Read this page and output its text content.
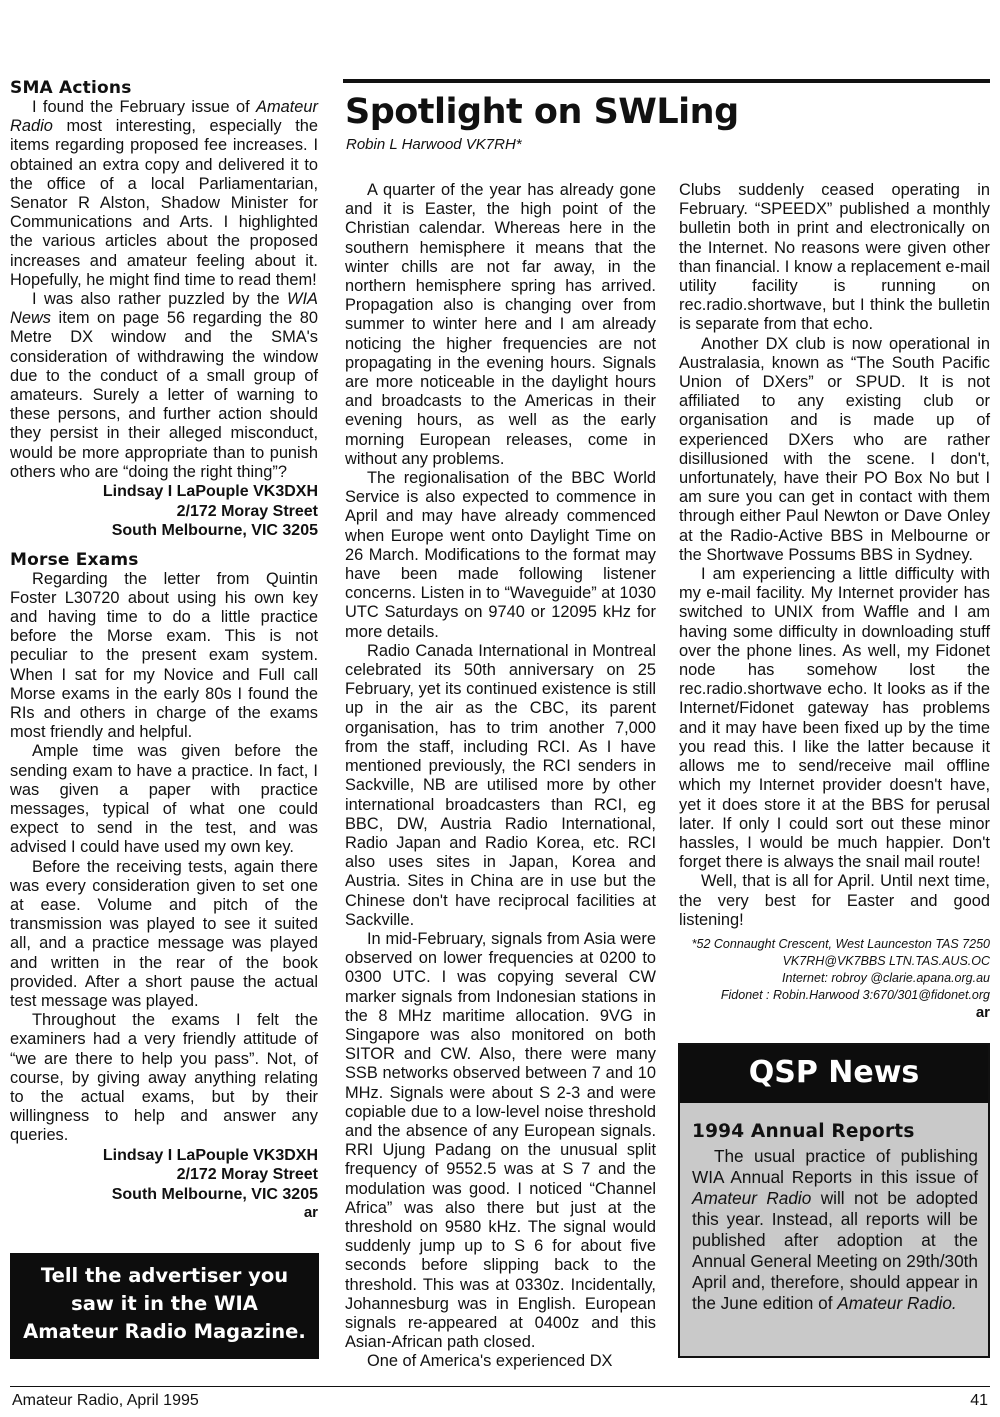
SMA Actions

I found the February issue of Amateur Radio most interesting, especially the items regarding proposed fee increases. I obtained an extra copy and delivered it to the office of a local Parliamentarian, Senator R Alston, Shadow Minister for Communications and Arts. I highlighted the various articles about the proposed increases and amateur feeling about it. Hopefully, he might find time to read them!

I was also rather puzzled by the WIA News item on page 56 regarding the 80 Metre DX window and the SMA's consideration of withdrawing the window due to the conduct of a small group of amateurs. Surely a letter of warning to these persons, and further action should they persist in their alleged misconduct, would be more appropriate than to punish others who are “doing the right thing”?

Lindsay I LaPouple VK3DXH
2/172 Moray Street
South Melbourne, VIC 3205
Morse Exams

Regarding the letter from Quintin Foster L30720 about using his own key and having time to do a little practice before the Morse exam. This is not peculiar to the present exam system. When I sat for my Novice and Full call Morse exams in the early 80s I found the RIs and others in charge of the exams most friendly and helpful.

Ample time was given before the sending exam to have a practice. In fact, I was given a paper with practice messages, typical of what one could expect to send in the test, and was advised I could have used my own key.

Before the receiving tests, again there was every consideration given to set one at ease. Volume and pitch of the transmission was played to see it suited all, and a practice message was played and written in the rear of the book provided. After a short pause the actual test message was played.

Throughout the exams I felt the examiners had a very friendly attitude of “we are there to help you pass”. Not, of course, by giving away anything relating to the actual exams, but by their willingness to help and answer any queries.

Lindsay I LaPouple VK3DXH
2/172 Moray Street
South Melbourne, VIC 3205
ar
Tell the advertiser you
saw it in the WIA
Amateur Radio Magazine.
Spotlight on SWLing
Robin L Harwood VK7RH*

A quarter of the year has already gone and it is Easter, the high point of the Christian calendar. Whereas here in the southern hemisphere it means that the winter chills are not far away, in the northern hemisphere spring has arrived. Propagation also is changing over from summer to winter here and I am already noticing the higher frequencies are not propagating in the evening hours. Signals are more noticeable in the daylight hours and broadcasts to the Americas in their evening hours, as well as the early morning European releases, come in without any problems.

The regionalisation of the BBC World Service is also expected to commence in April and may have already commenced when Europe went onto Daylight Time on 26 March. Modifications to the format may have been made following listener concerns. Listen in to “Waveguide” at 1030 UTC Saturdays on 9740 or 12095 kHz for more details.

Radio Canada International in Montreal celebrated its 50th anniversary on 25 February, yet its continued existence is still up in the air as the CBC, its parent organisation, has to trim another 7,000 from the staff, including RCI. As I have mentioned previously, the RCI senders in Sackville, NB are utilised more by other international broadcasters than RCI, eg BBC, DW, Austria Radio International, Radio Japan and Radio Korea, etc. RCI also uses sites in Japan, Korea and Austria. Sites in China are in use but the Chinese don't have reciprocal facilities at Sackville.

In mid-February, signals from Asia were observed on lower frequencies at 0200 to 0300 UTC. I was copying several CW marker signals from Indonesian stations in the 8 MHz maritime allocation. 9VG in Singapore was also monitored on both SITOR and CW. Also, there were many SSB networks observed between 7 and 10 MHz. Signals were about S 2-3 and were copiable due to a low-level noise threshold and the absence of any European signals. RRI Ujung Padang on the unusual split frequency of 9552.5 was at S 7 and the modulation was good. I noticed “Channel Africa” was also there but just at the threshold on 9580 kHz. The signal would suddenly jump up to S 6 for about five seconds before slipping back to the threshold. This was at 0330z. Incidentally, Johannesburg was in English. European signals re-appeared at 0400z and this Asian-African path closed.

One of America's experienced DX

Clubs suddenly ceased operating in February. “SPEEDX” published a monthly bulletin both in print and electronically on the Internet. No reasons were given other than financial. I know a replacement e-mail utility facility is running on rec.radio.shortwave, but I think the bulletin is separate from that echo.

Another DX club is now operational in Australasia, known as “The South Pacific Union of DXers” or SPUD. It is not affiliated to any existing club or organisation and is made up of experienced DXers who are rather disillusioned with the scene. I don't, unfortunately, have their PO Box No but I am sure you can get in contact with them through either Paul Newton or Dave Onley at the Radio-Active BBS in Melbourne or the Shortwave Possums BBS in Sydney.

I am experiencing a little difficulty with my e-mail facility. My Internet provider has switched to UNIX from Waffle and I am having some difficulty in downloading stuff over the phone lines. As well, my Fidonet node has somehow lost the rec.radio.shortwave echo. It looks as if the Internet/Fidonet gateway has problems and it may have been fixed up by the time you read this. I like the latter because it allows me to send/receive mail offline which my Internet provider doesn't have, yet it does store it at the BBS for perusal later. If only I could sort out these minor hassles, I would be much happier. Don't forget there is always the snail mail route!

Well, that is all for April. Until next time, the very best for Easter and good listening!

*52 Connaught Crescent, West Launceston TAS 7250
VK7RH@VK7BBS LTN.TAS.AUS.OC
Internet: robroy @clarie.apana.org.au
Fidonet : Robin.Harwood 3:670/301@fidonet.org
ar
QSP News
1994 Annual Reports

The usual practice of publishing WIA Annual Reports in this issue of Amateur Radio will not be adopted this year. Instead, all reports will be published after adoption at the Annual General Meeting on 29th/30th April and, therefore, should appear in the June edition of Amateur Radio.

Amateur Radio, April 1995	41
